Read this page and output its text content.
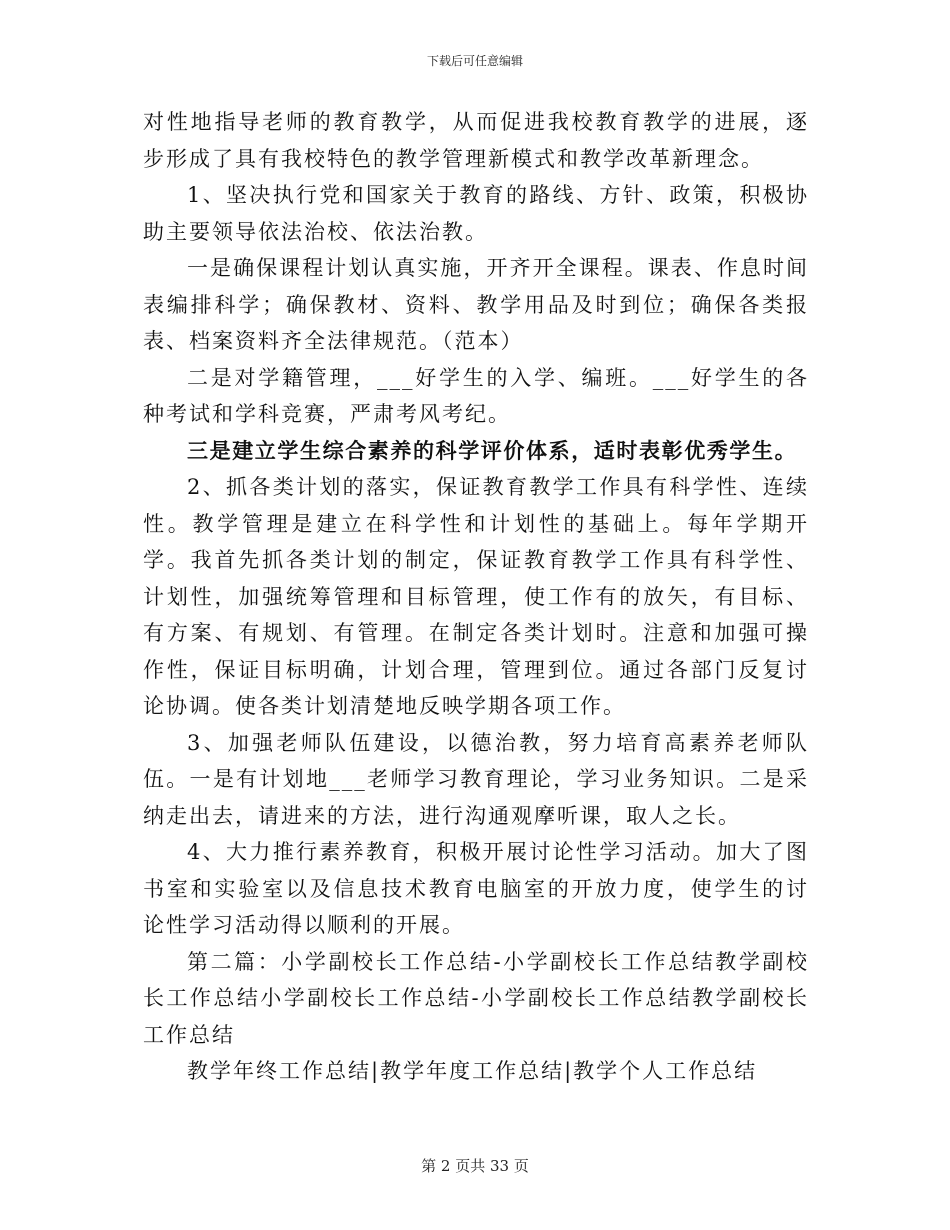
下载后可任意编辑

对性地指导老师的教育教学，从而促进我校教育教学的进展，逐步形成了具有我校特色的教学管理新模式和教学改革新理念。

1、坚决执行党和国家关于教育的路线、方针、政策，积极协助主要领导依法治校、依法治教。

一是确保课程计划认真实施，开齐开全课程。课表、作息时间表编排科学；确保教材、资料、教学用品及时到位；确保各类报表、档案资料齐全法律规范。（范本）

二是对学籍管理，___好学生的入学、编班。___好学生的各种考试和学科竞赛，严肃考风考纪。

三是建立学生综合素养的科学评价体系，适时表彰优秀学生。

2、抓各类计划的落实，保证教育教学工作具有科学性、连续性。教学管理是建立在科学性和计划性的基础上。每年学期开学。我首先抓各类计划的制定，保证教育教学工作具有科学性、计划性，加强统筹管理和目标管理，使工作有的放矢，有目标、有方案、有规划、有管理。在制定各类计划时。注意和加强可操作性，保证目标明确，计划合理，管理到位。通过各部门反复讨论协调。使各类计划清楚地反映学期各项工作。

3、加强老师队伍建设，以德治教，努力培育高素养老师队伍。一是有计划地___老师学习教育理论，学习业务知识。二是采纳走出去，请进来的方法，进行沟通观摩听课，取人之长。

4、大力推行素养教育，积极开展讨论性学习活动。加大了图书室和实验室以及信息技术教育电脑室的开放力度，使学生的讨论性学习活动得以顺利的开展。

第二篇：小学副校长工作总结-小学副校长工作总结教学副校长工作总结小学副校长工作总结-小学副校长工作总结教学副校长工作总结

教学年终工作总结|教学年度工作总结|教学个人工作总结

第 2 页共 33 页
